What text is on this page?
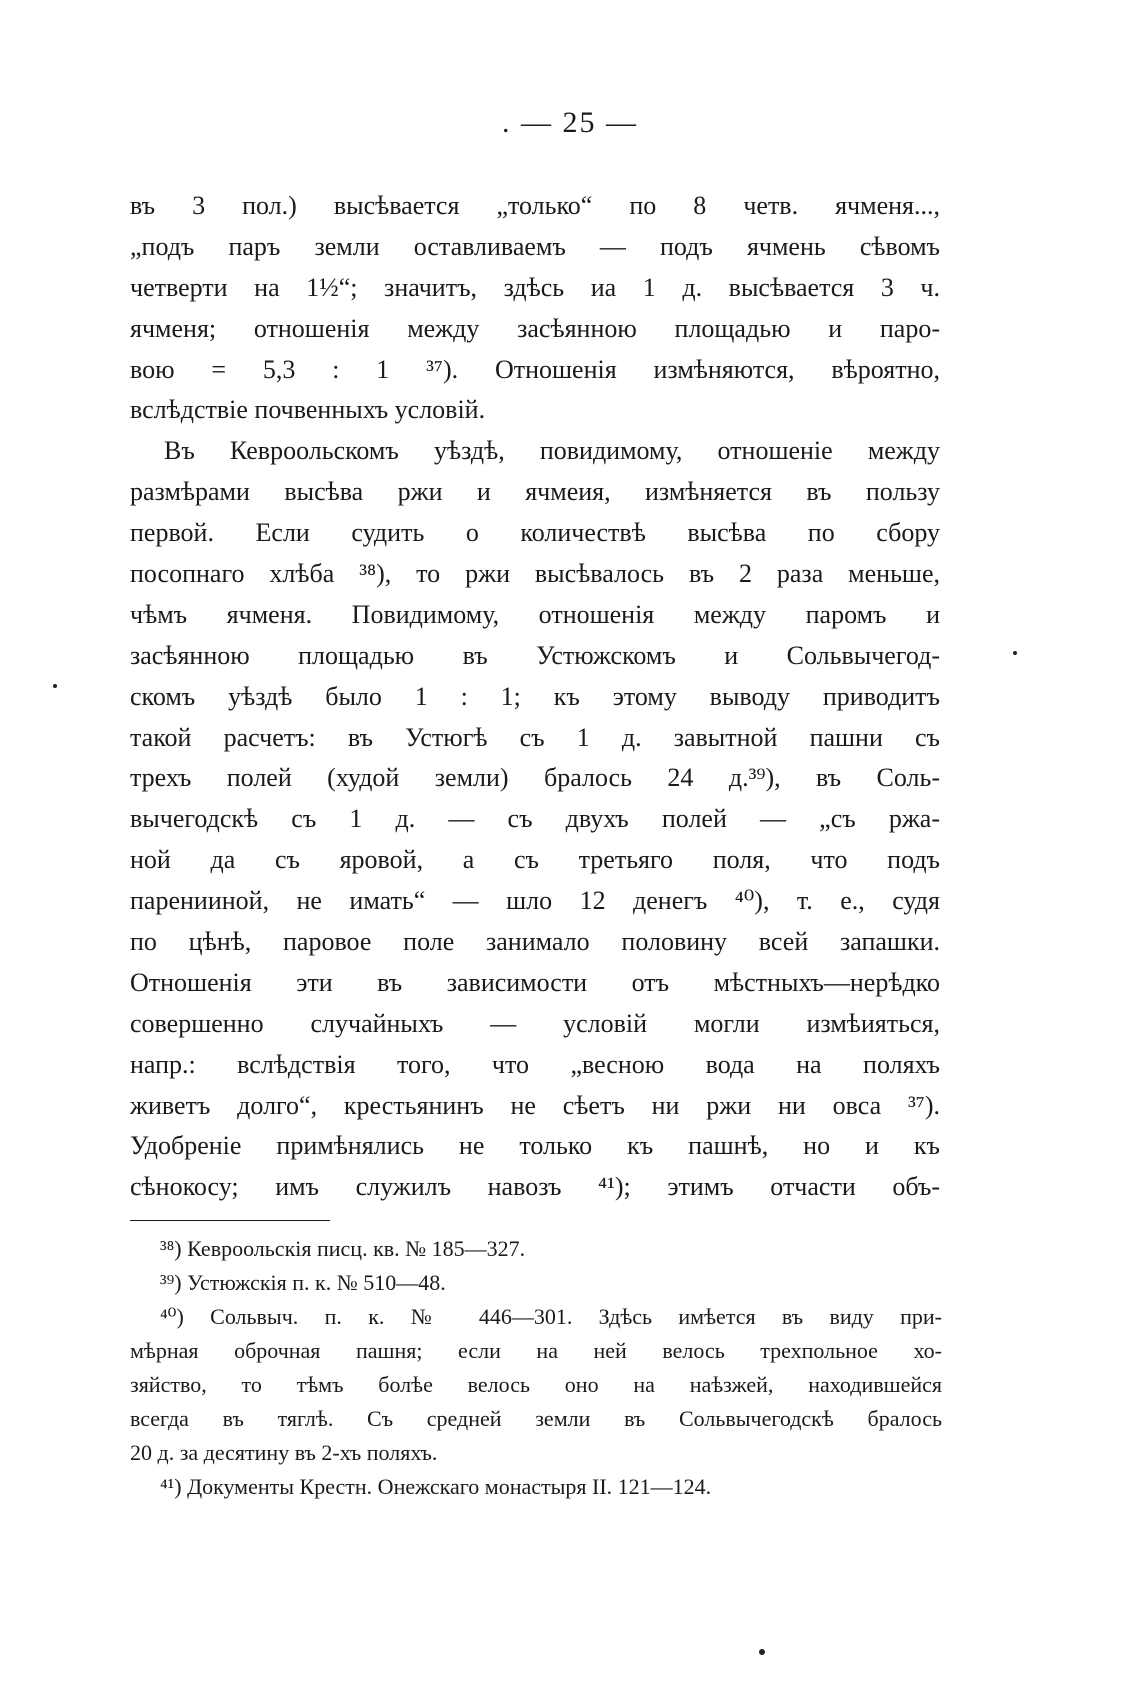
. — 25 —
въ 3 пол.) высѣвается „только“ по 8 четв. ячменя...,
„подъ паръ земли оставливаемъ — подъ ячмень сѣвомъ
четверти на 1½“; значитъ, здѣсь иа 1 д. высѣвается 3 ч.
ячменя; отношенія между засѣянною площадью и паро-
вою = 5,3 : 1 ³⁷). Отношенія измѣняются, вѣроятно,
вслѣдствіе почвенныхъ условій.
Въ Кевроольскомъ уѣздѣ, повидимому, отношеніе между
размѣрами высѣва ржи и ячмеия, измѣняется въ пользу
первой. Если судить о количествѣ высѣва по сбору
посопнаго хлѣба ³⁸), то ржи высѣвалось въ 2 раза меньше,
чѣмъ ячменя. Повидимому, отношенія между паромъ и
засѣянною площадью въ Устюжскомъ и Сольвычегод-
скомъ уѣздѣ было 1 : 1; къ этому выводу приводитъ
такой расчетъ: въ Устюгѣ съ 1 д. завытной пашни съ
трехъ полей (худой земли) бралось 24 д.³⁹), въ Соль-
вычегодскѣ съ 1 д. — съ двухъ полей — „съ ржа-
ной да съ яровой, а съ третьяго поля, что подъ
паренииной, не имать“ — шло 12 денегъ ⁴⁰), т. е., судя
по цѣнѣ, паровое поле занимало половину всей запашки.
Отношенія эти въ зависимости отъ мѣстныхъ—нерѣдко
совершенно случайныхъ — условій могли измѣияться,
напр.: вслѣдствія того, что „весною вода на поляхъ
живетъ долго“, крестьянинъ не сѣетъ ни ржи ни овса ³⁷).
Удобреніе примѣнялись не только къ пашнѣ, но и къ
сѣнокосу; имъ служилъ навозъ ⁴¹); этимъ отчасти объ-
³⁸) Кевроольскія писц. кв. № 185—327.
³⁹) Устюжскія п. к. № 510—48.
⁴⁰) Сольвыч. п. к. № 446—301. Здѣсь имѣется въ виду при-
мѣрная оброчная пашня; если на ней велось трехпольное хо-
зяйство, то тѣмъ болѣе велось оно на наѣзжей, находившейся
всегда въ тяглѣ. Съ средней земли въ Сольвычегодскѣ бралось
20 д. за десятину въ 2-хъ поляхъ.
⁴¹) Документы Крестн. Онежскаго монастыря II. 121—124.
